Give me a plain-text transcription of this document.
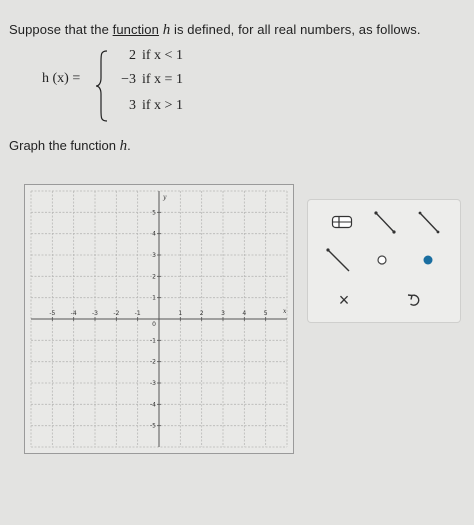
Suppose that the function h is defined, for all real numbers, as follows.
h (x) =
2 if x < 1
−3 if x = 1
3 if x > 1
Graph the function h.
-5	-4	-3	-2	-1	1	2	3	4	5
5
4
3
2
1
-1
-2
-3
-4
-5
0
x
y
×
